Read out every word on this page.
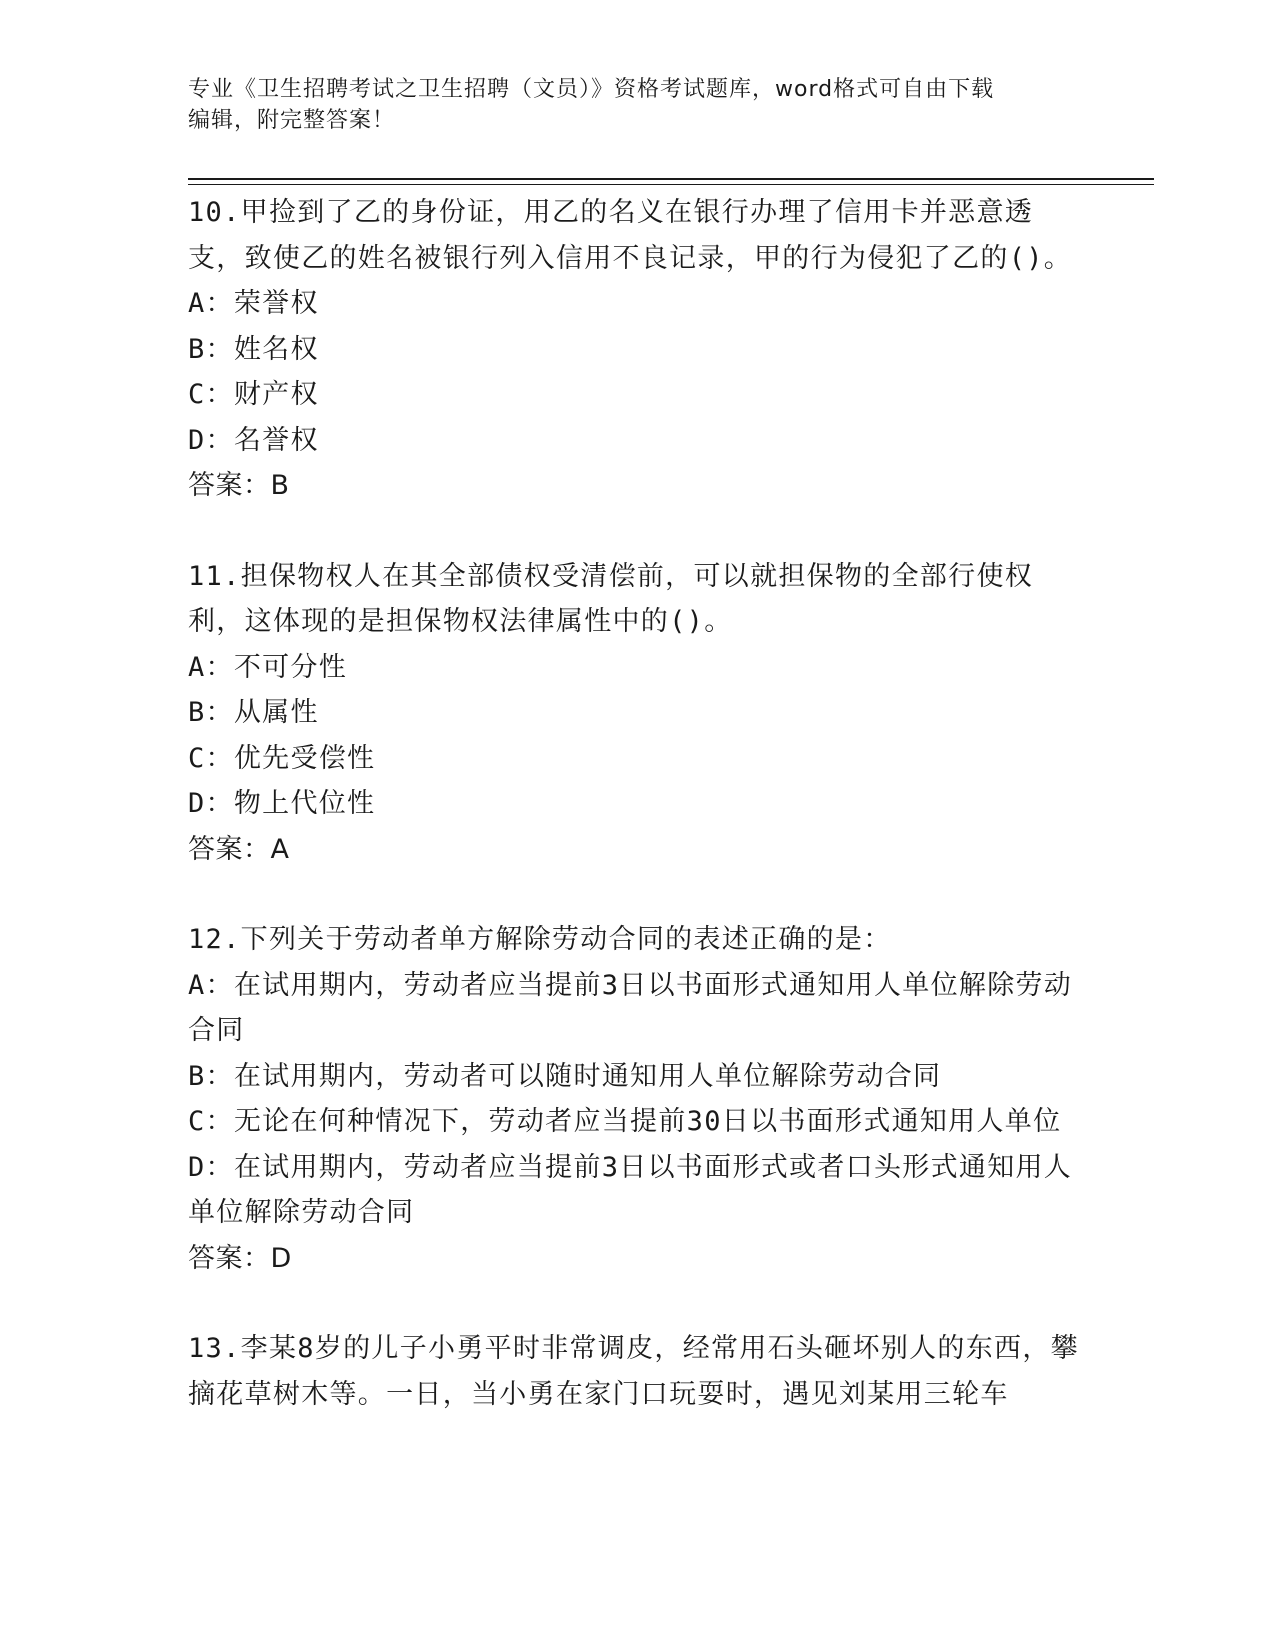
专业《卫生招聘考试之卫生招聘（文员）》资格考试题库，word格式可自由下载
编辑，附完整答案！
10.甲捡到了乙的身份证，用乙的名义在银行办理了信用卡并恶意透支，致使乙的姓名被银行列入信用不良记录，甲的行为侵犯了乙的()。
A：荣誉权
B：姓名权
C：财产权
D：名誉权
答案：B
11.担保物权人在其全部债权受清偿前，可以就担保物的全部行使权利，这体现的是担保物权法律属性中的()。
A：不可分性
B：从属性
C：优先受偿性
D：物上代位性
答案：A
12.下列关于劳动者单方解除劳动合同的表述正确的是：
A：在试用期内，劳动者应当提前3日以书面形式通知用人单位解除劳动合同
B：在试用期内，劳动者可以随时通知用人单位解除劳动合同
C：无论在何种情况下，劳动者应当提前30日以书面形式通知用人单位
D：在试用期内，劳动者应当提前3日以书面形式或者口头形式通知用人单位解除劳动合同
答案：D
13.李某8岁的儿子小勇平时非常调皮，经常用石头砸坏别人的东西，攀摘花草树木等。一日，当小勇在家门口玩耍时，遇见刘某用三轮车
